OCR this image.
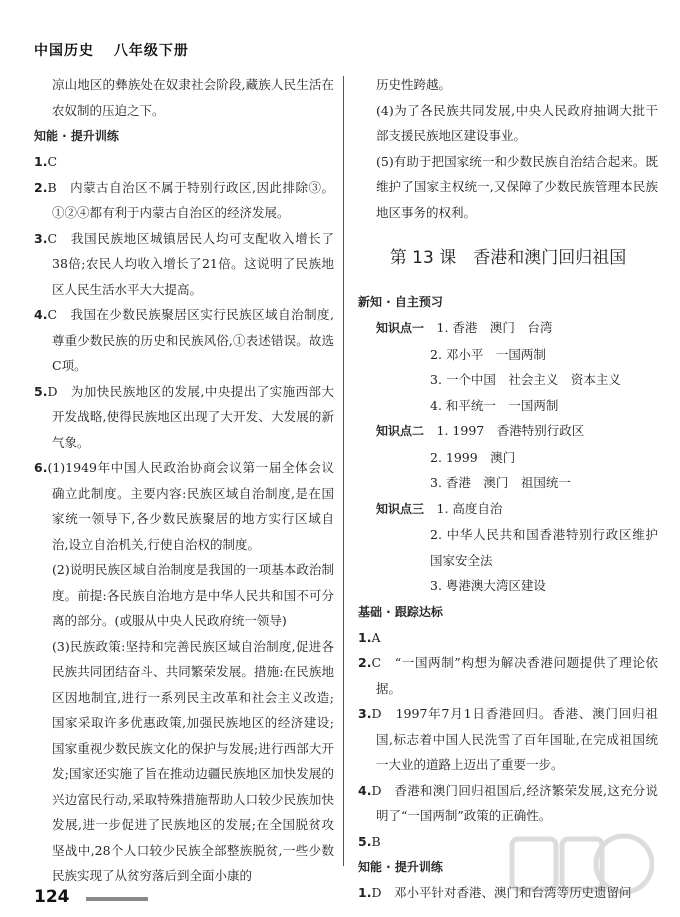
中国历史 八年级下册

凉山地区的彝族处在奴隶社会阶段,藏族人民生活在农奴制的压迫之下。

知能 · 提升训练

1.C

2.B　内蒙古自治区不属于特别行政区,因此排除③。①②④都有利于内蒙古自治区的经济发展。

3.C　我国民族地区城镇居民人均可支配收入增长了38倍;农民人均收入增长了21倍。这说明了民族地区人民生活水平大大提高。

4.C　我国在少数民族聚居区实行民族区域自治制度,尊重少数民族的历史和民族风俗,①表述错误。故选C项。

5.D　为加快民族地区的发展,中央提出了实施西部大开发战略,使得民族地区出现了大开发、大发展的新气象。

6.(1)1949年中国人民政治协商会议第一届全体会议确立此制度。主要内容:民族区域自治制度,是在国家统一领导下,各少数民族聚居的地方实行区域自治,设立自治机关,行使自治权的制度。

(2)说明民族区域自治制度是我国的一项基本政治制度。前提:各民族自治地方是中华人民共和国不可分离的部分。(或服从中央人民政府统一领导)

(3)民族政策:坚持和完善民族区域自治制度,促进各民族共同团结奋斗、共同繁荣发展。措施:在民族地区因地制宜,进行一系列民主改革和社会主义改造;国家采取许多优惠政策,加强民族地区的经济建设;国家重视少数民族文化的保护与发展;进行西部大开发;国家还实施了旨在推动边疆民族地区加快发展的兴边富民行动,采取特殊措施帮助人口较少民族加快发展,进一步促进了民族地区的发展;在全国脱贫攻坚战中,28个人口较少民族全部整族脱贫,一些少数民族实现了从贫穷落后到全面小康的

历史性跨越。

(4)为了各民族共同发展,中央人民政府抽调大批干部支援民族地区建设事业。

(5)有助于把国家统一和少数民族自治结合起来。既维护了国家主权统一,又保障了少数民族管理本民族地区事务的权利。

第 13 课　香港和澳门回归祖国

新知 · 自主预习

知识点一　 1. 香港　澳门　台湾

2. 邓小平　一国两制

3. 一个中国　社会主义　资本主义

4. 和平统一　一国两制

知识点二　 1. 1997　香港特别行政区

2. 1999　澳门

3. 香港　澳门　祖国统一

知识点三　 1. 高度自治

2. 中华人民共和国香港特别行政区维护国家安全法

3. 粤港澳大湾区建设

基础 · 跟踪达标

1.A

2.C　“一国两制”构想为解决香港问题提供了理论依据。

3.D　1997年7月1日香港回归。香港、澳门回归祖国,标志着中国人民洗雪了百年国耻,在完成祖国统一大业的道路上迈出了重要一步。

4.D　香港和澳门回归祖国后,经济繁荣发展,这充分说明了“一国两制”政策的正确性。

5.B

知能 · 提升训练

1.D　邓小平针对香港、澳门和台湾等历史遗留问

124
